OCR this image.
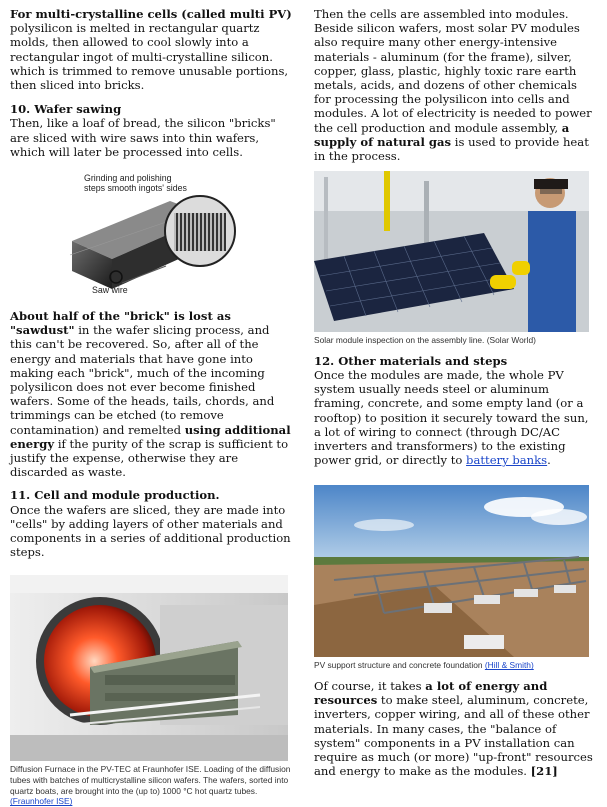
For multi-crystalline cells (called multi PV)

polysilicon is melted in rectangular quartz molds, then allowed to cool slowly into a rectangular ingot of multi-crystalline silicon. which is trimmed to remove unusable portions, then sliced into bricks.

10. Wafer sawing

Then, like a loaf of bread, the silicon "bricks" are sliced with wire saws into thin wafers, which will later be processed into cells.

Grinding and polishing steps smooth ingots' sides
Saw wire

About half of the "brick" is lost as "sawdust" in the wafer slicing process, and this can't be recovered. So, after all of the energy and materials that have gone into making each "brick", much of the incoming polysilicon does not ever become finished wafers. Some of the heads, tails, chords, and trimmings can be etched (to remove contamination) and remelted using additional energy if the purity of the scrap is sufficient to justify the expense, otherwise they are discarded as waste.

11. Cell and module production.

Once the wafers are sliced, they are made into "cells" by adding layers of other materials and components in a series of additional production steps.

Diffusion Furnace in the PV-TEC at Fraunhofer ISE. Loading of the diffusion tubes with batches of multicrystalline silicon wafers. The wafers, sorted into quartz boats, are brought into the (up to) 1000 °C hot quartz tubes. (Fraunhofer ISE)

Then the cells are assembled into modules. Beside silicon wafers, most solar PV modules also require many other energy-intensive materials - aluminum (for the frame), silver, copper, glass, plastic, highly toxic rare earth metals, acids, and dozens of other chemicals for processing the polysilicon into cells and modules. A lot of electricity is needed to power the cell production and module assembly, a supply of natural gas is used to provide heat in the process.

Solar module inspection on the assembly line. (Solar World)
12. Other materials and steps

Once the modules are made, the whole PV system usually needs steel or aluminum framing, concrete, and some empty land (or a rooftop) to position it securely toward the sun, a lot of wiring to connect (through DC/AC inverters and transformers) to the existing power grid, or directly to battery banks.

PV support structure and concrete foundation (Hill & Smith)

Of course, it takes a lot of energy and resources to make steel, aluminum, concrete, inverters, copper wiring, and all of these other materials. In many cases, the "balance of system" components in a PV installation can require as much (or more) "up-front" resources and energy to make as the modules. [21]
